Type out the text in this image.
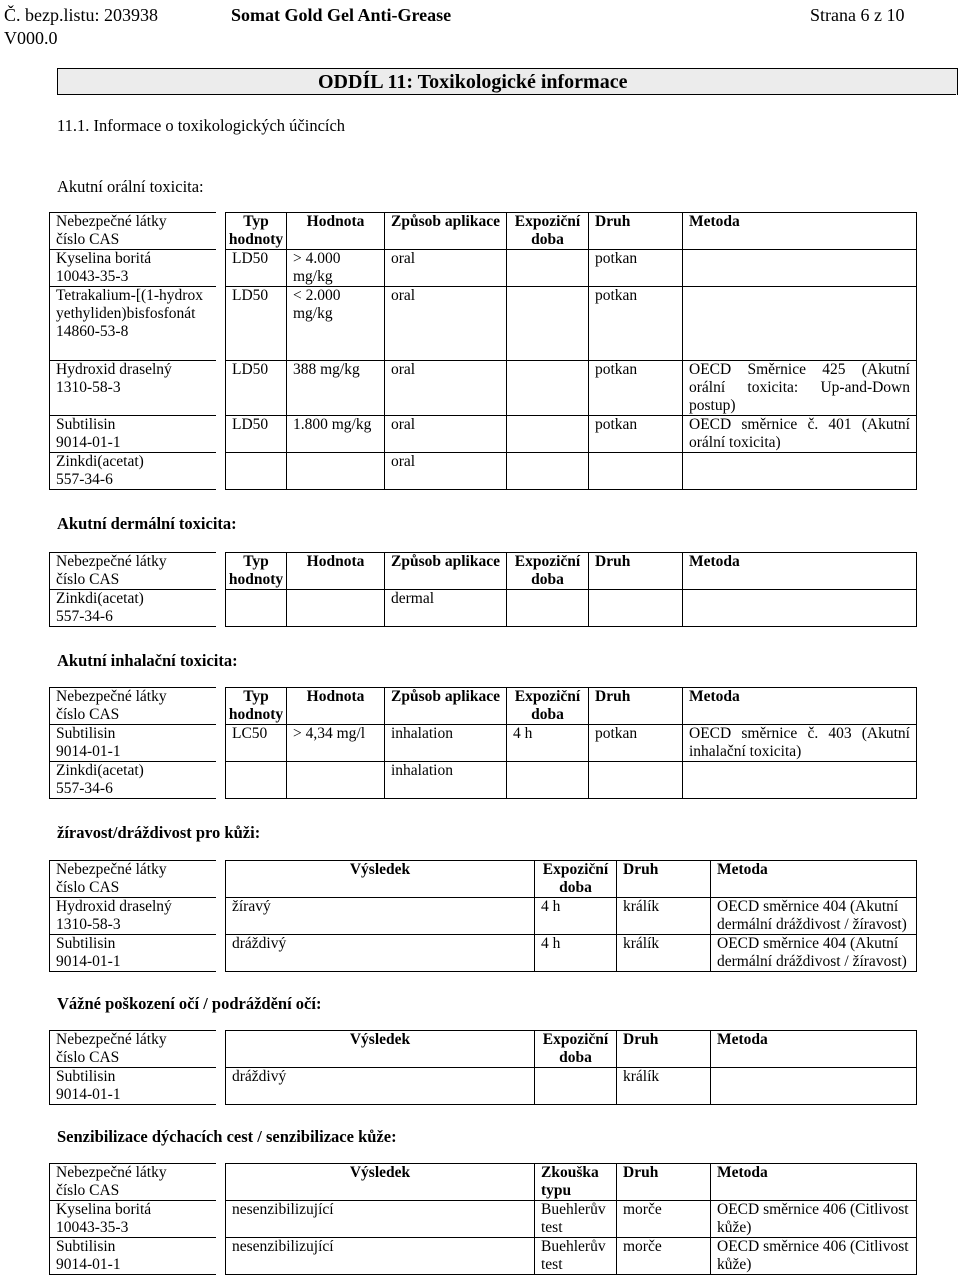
Č. bezp.listu: 203938
V000.0
Somat Gold Gel Anti-Grease	Strana 6 z 10
ODDÍL 11: Toxikologické informace
11.1. Informace o toxikologických účincích
Akutní orální toxicita:
Nebezpečné látky
číslo CAS		Typ
hodnoty	Hodnota	Způsob aplikace	Expoziční
doba	Druh	Metoda
Kyselina boritá
10043-35-3		LD50	> 4.000 mg/kg	oral		potkan	
Tetrakalium-[(1-hydroxyethyliden)bisfosfonát
14860-53-8		LD50	< 2.000 mg/kg	oral		potkan	
Hydroxid draselný
1310-58-3		LD50	388 mg/kg	oral		potkan	OECD Směrnice 425 (Akutní orální toxicita: Up-and-Down postup)
Subtilisin
9014-01-1		LD50	1.800 mg/kg	oral		potkan	OECD směrnice č. 401 (Akutní orální toxicita)
Zinkdi(acetat)
557-34-6				oral			
Akutní dermální toxicita:
Nebezpečné látky
číslo CAS		Typ
hodnoty	Hodnota	Způsob aplikace	Expoziční
doba	Druh	Metoda
Zinkdi(acetat)
557-34-6				dermal			
Akutní inhalační toxicita:
Nebezpečné látky
číslo CAS		Typ
hodnoty	Hodnota	Způsob aplikace	Expoziční
doba	Druh	Metoda
Subtilisin
9014-01-1		LC50	> 4,34 mg/l	inhalation	4 h	potkan	OECD směrnice č. 403 (Akutní inhalační toxicita)
Zinkdi(acetat)
557-34-6				inhalation			
žíravost/dráždivost pro kůži:
Nebezpečné látky
číslo CAS		Výsledek	Expoziční
doba	Druh	Metoda
Hydroxid draselný
1310-58-3		žíravý	4 h	králík	OECD směrnice 404 (Akutní dermální dráždivost / žíravost)
Subtilisin
9014-01-1		dráždivý	4 h	králík	OECD směrnice 404 (Akutní dermální dráždivost / žíravost)
Vážné poškození očí / podráždění očí:
Nebezpečné látky
číslo CAS		Výsledek	Expoziční
doba	Druh	Metoda
Subtilisin
9014-01-1		dráždivý		králík	
Senzibilizace dýchacích cest / senzibilizace kůže:
Nebezpečné látky
číslo CAS		Výsledek	Zkouška
typu	Druh	Metoda
Kyselina boritá
10043-35-3		nesenzibilizující	Buehlerův test	morče	OECD směrnice 406 (Citlivost kůže)
Subtilisin
9014-01-1		nesenzibilizující	Buehlerův test	morče	OECD směrnice 406 (Citlivost kůže)
